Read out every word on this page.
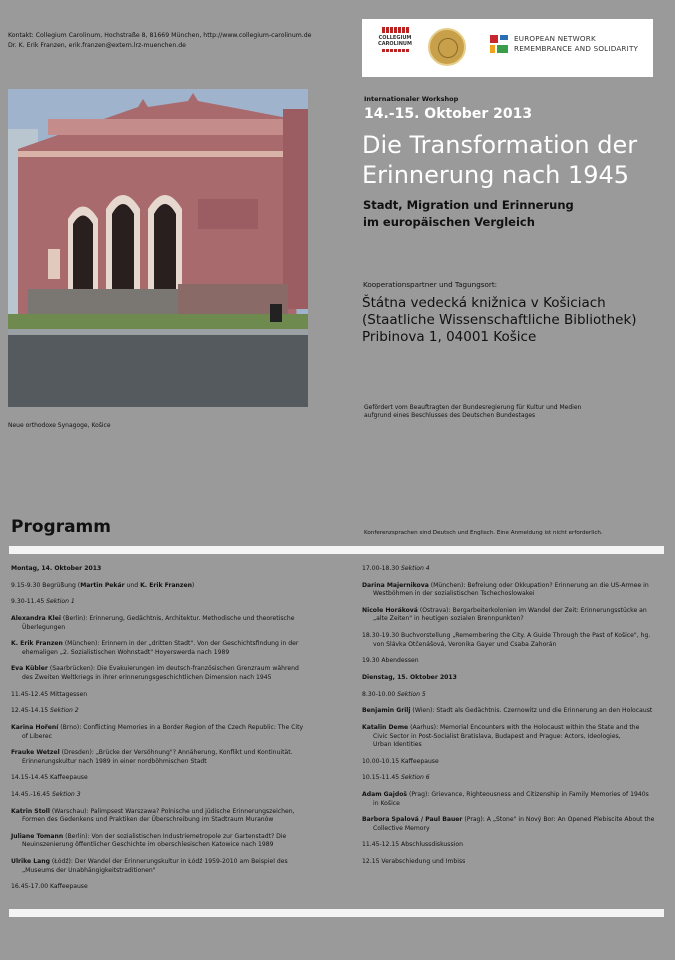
Kontakt: Collegium Carolinum, Hochstraße 8, 81669 München, http://www.collegium-carolinum.de
Dr. K. Erik Franzen, erik.franzen@extern.lrz-muenchen.de
COLLEGIUM
CAROLINUM
EUROPEAN NETWORK
REMEMBRANCE AND SOLIDARITY
Neue orthodoxe Synagoge, Košice
Internationaler Workshop
14.-15. Oktober 2013
Die Transformation der
Erinnerung nach 1945
Stadt, Migration und Erinnerung
im europäischen Vergleich
Kooperationspartner und Tagungsort:
Štátna vedecká knižnica v Košiciach
(Staatliche Wissenschaftliche Bibliothek)
Pribinova 1, 04001 Košice
Gefördert vom Beauftragten der Bundesregierung für Kultur und Medien
aufgrund eines Beschlusses des Deutschen Bundestages
Programm	Konferenzsprachen sind Deutsch und Englisch. Eine Anmeldung ist nicht erforderlich.
Montag, 14. Oktober 2013
9.15-9.30 Begrüßung (Martin Pekár und K. Erik Franzen)
9.30-11.45 Sektion 1
Alexandra Klei (Berlin): Erinnerung, Gedächtnis, Architektur. Methodische und theoretische
Überlegungen
K. Erik Franzen (München): Erinnern in der „dritten Stadt". Von der Geschichtsfindung in der
ehemaligen „2. Sozialistischen Wohnstadt" Hoyerswerda nach 1989
Eva Kübler (Saarbrücken): Die Evakuierungen im deutsch-französischen Grenzraum während
des Zweiten Weltkriegs in ihrer erinnerungsgeschichtlichen Dimension nach 1945
11.45-12.45 Mittagessen
12.45-14.15 Sektion 2
Karina Hoření (Brno): Conflicting Memories in a Border Region of the Czech Republic: The City
of Liberec
Frauke Wetzel (Dresden): „Brücke der Versöhnung"? Annäherung, Konflikt und Kontinuität.
Erinnerungskultur nach 1989 in einer nordböhmischen Stadt
14.15-14.45 Kaffeepause
14.45.-16.45 Sektion 3
Katrin Stoll (Warschau): Palimpsest Warszawa? Polnische und jüdische Erinnerungszeichen,
Formen des Gedenkens und Praktiken der Überschreibung im Stadtraum Muranów
Juliane Tomann (Berlin): Von der sozialistischen Industriemetropole zur Gartenstadt? Die
Neuinszenierung öffentlicher Geschichte im oberschlesischen Katowice nach 1989
Ulrike Lang (Łódź): Der Wandel der Erinnerungskultur in Łódź 1959-2010 am Beispiel des
„Museums der Unabhängigkeitstraditionen"
16.45-17.00 Kaffeepause
17.00-18.30 Sektion 4
Darina Majernikova (München): Befreiung oder Okkupation? Erinnerung an die US-Armee in
Westböhmen in der sozialistischen Tschechoslowakei
Nicole Horáková (Ostrava): Bergarbeiterkolonien im Wandel der Zeit: Erinnerungsstücke an
„alte Zeiten" in heutigen sozialen Brennpunkten?
18.30-19.30 Buchvorstellung „Remembering the City. A Guide Through the Past of Košice", hg.
von Slávka Otčenášová, Veronika Gayer und Csaba Zahorán
19.30 Abendessen
Dienstag, 15. Oktober 2013
8.30-10.00 Sektion 5
Benjamin Grilj (Wien): Stadt als Gedächtnis. Czernowitz und die Erinnerung an den Holocaust
Katalin Deme (Aarhus): Memorial Encounters with the Holocaust within the State and the
Civic Sector in Post-Socialist Bratislava, Budapest and Prague: Actors, Ideologies,
Urban Identities
10.00-10.15 Kaffeepause
10.15-11.45 Sektion 6
Adam Gajdoš (Prag): Grievance, Righteousness and Citizenship in Family Memories of 1940s
in Košice
Barbora Spalová / Paul Bauer (Prag): A „Stone" in Nový Bor: An Opened Plebiscite About the
Collective Memory
11.45-12.15 Abschlussdiskussion
12.15 Verabschiedung und Imbiss
